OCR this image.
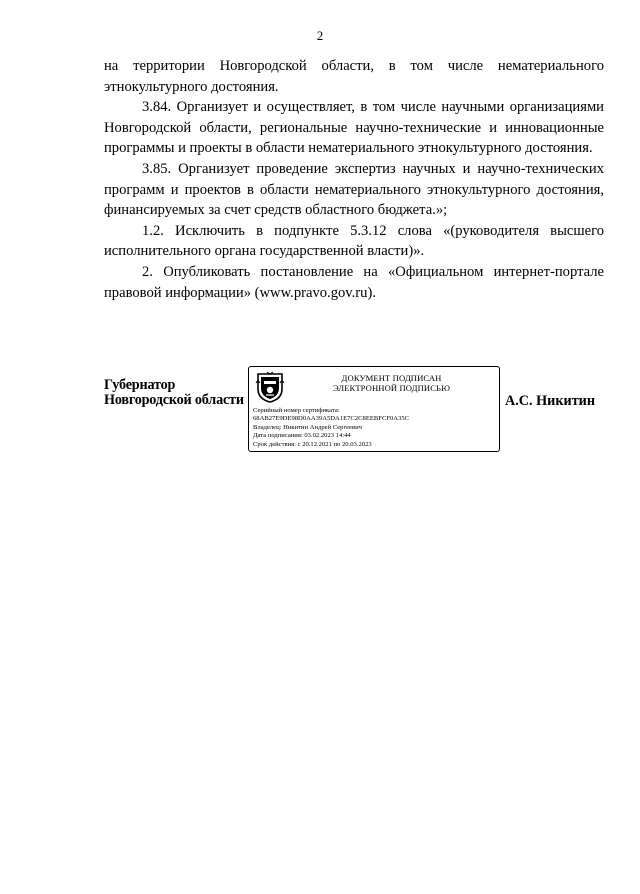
2

на территории Новгородской области, в том числе нематериального этнокультурного достояния.

3.84. Организует и осуществляет, в том числе научными организациями Новгородской области, региональные научно-технические и инновационные программы и проекты в области нематериального этнокультурного достояния.

3.85. Организует проведение экспертиз научных и научно-технических программ и проектов в области нематериального этнокультурного достояния, финансируемых за счет средств областного бюджета.»;

1.2. Исключить в подпункте 5.3.12 слова «(руководителя высшего исполнительного органа государственной власти)».

2. Опубликовать постановление на «Официальном интернет-портале правовой информации» (www.pravo.gov.ru).

Губернатор
Новгородской области
ДОКУМЕНТ ПОДПИСАН
ЭЛЕКТРОННОЙ ПОДПИСЬЮ
Серийный номер сертификата:
68AB27E9DE98D0AA39A5DA1E7C2C8EEBFCF0A35C
Владелец: Никитин Андрей Сергеевич
Дата подписания: 03.02.2023 14:44
Срок действия: с 20.12.2021 по 20.03.2023
А.С. Никитин
